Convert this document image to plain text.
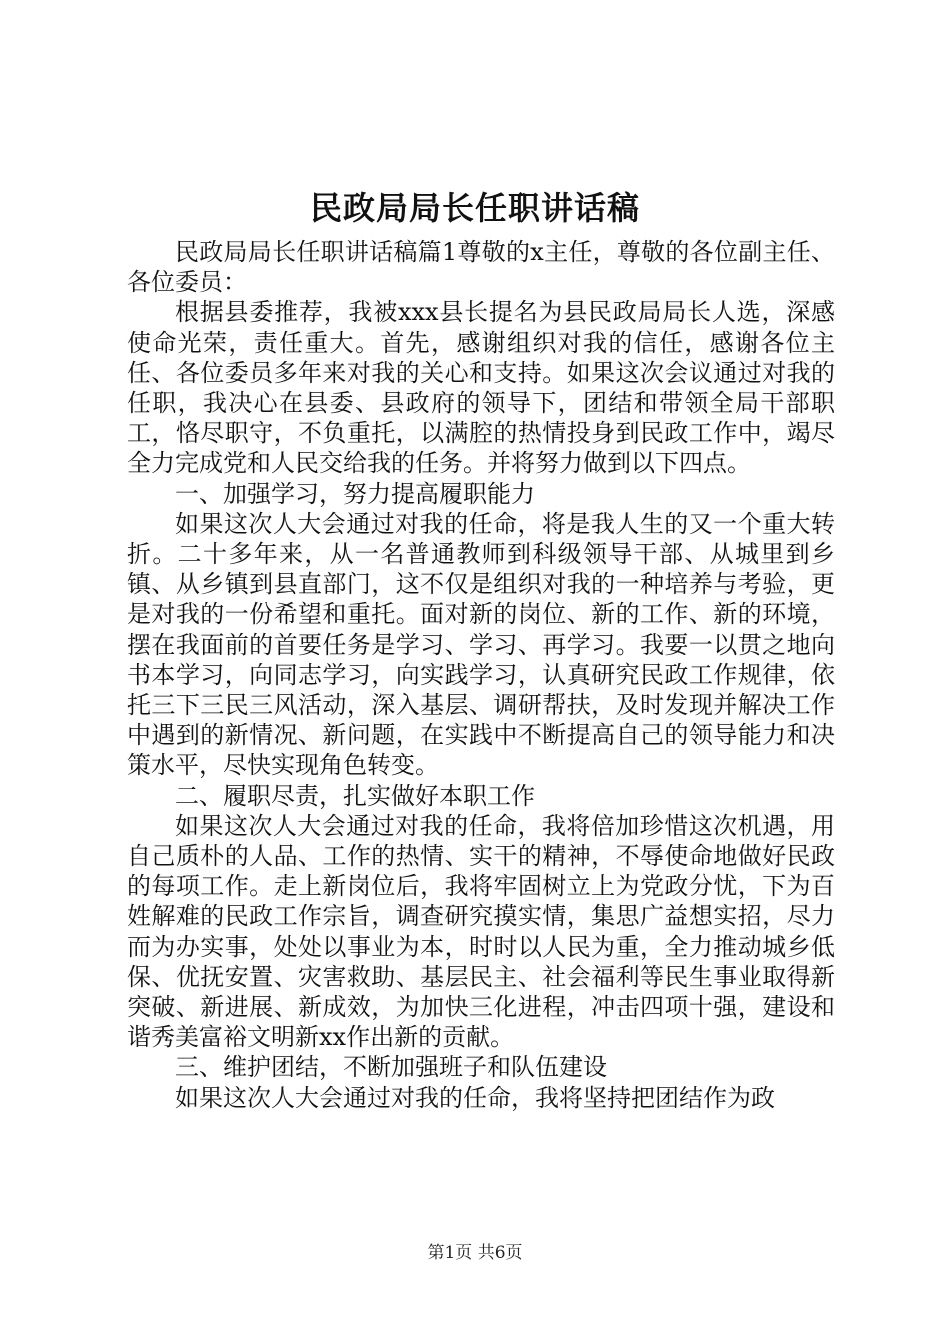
民政局局长任职讲话稿

民政局局长任职讲话稿篇1尊敬的x主任，尊敬的各位副主任、各位委员：

根据县委推荐，我被xxx县长提名为县民政局局长人选，深感使命光荣，责任重大。首先，感谢组织对我的信任，感谢各位主任、各位委员多年来对我的关心和支持。如果这次会议通过对我的任职，我决心在县委、县政府的领导下，团结和带领全局干部职工，恪尽职守，不负重托，以满腔的热情投身到民政工作中，竭尽全力完成党和人民交给我的任务。并将努力做到以下四点。

一、加强学习，努力提高履职能力

如果这次人大会通过对我的任命，将是我人生的又一个重大转折。二十多年来，从一名普通教师到科级领导干部、从城里到乡镇、从乡镇到县直部门，这不仅是组织对我的一种培养与考验，更是对我的一份希望和重托。面对新的岗位、新的工作、新的环境，摆在我面前的首要任务是学习、学习、再学习。我要一以贯之地向书本学习，向同志学习，向实践学习，认真研究民政工作规律，依托三下三民三风活动，深入基层、调研帮扶，及时发现并解决工作中遇到的新情况、新问题，在实践中不断提高自己的领导能力和决策水平，尽快实现角色转变。

二、履职尽责，扎实做好本职工作

如果这次人大会通过对我的任命，我将倍加珍惜这次机遇，用自己质朴的人品、工作的热情、实干的精神，不辱使命地做好民政的每项工作。走上新岗位后，我将牢固树立上为党政分忧，下为百姓解难的民政工作宗旨，调查研究摸实情，集思广益想实招，尽力而为办实事，处处以事业为本，时时以人民为重，全力推动城乡低保、优抚安置、灾害救助、基层民主、社会福利等民生事业取得新突破、新进展、新成效，为加快三化进程，冲击四项十强，建设和谐秀美富裕文明新xx作出新的贡献。

三、维护团结，不断加强班子和队伍建设

如果这次人大会通过对我的任命，我将坚持把团结作为政

第1页 共6页
